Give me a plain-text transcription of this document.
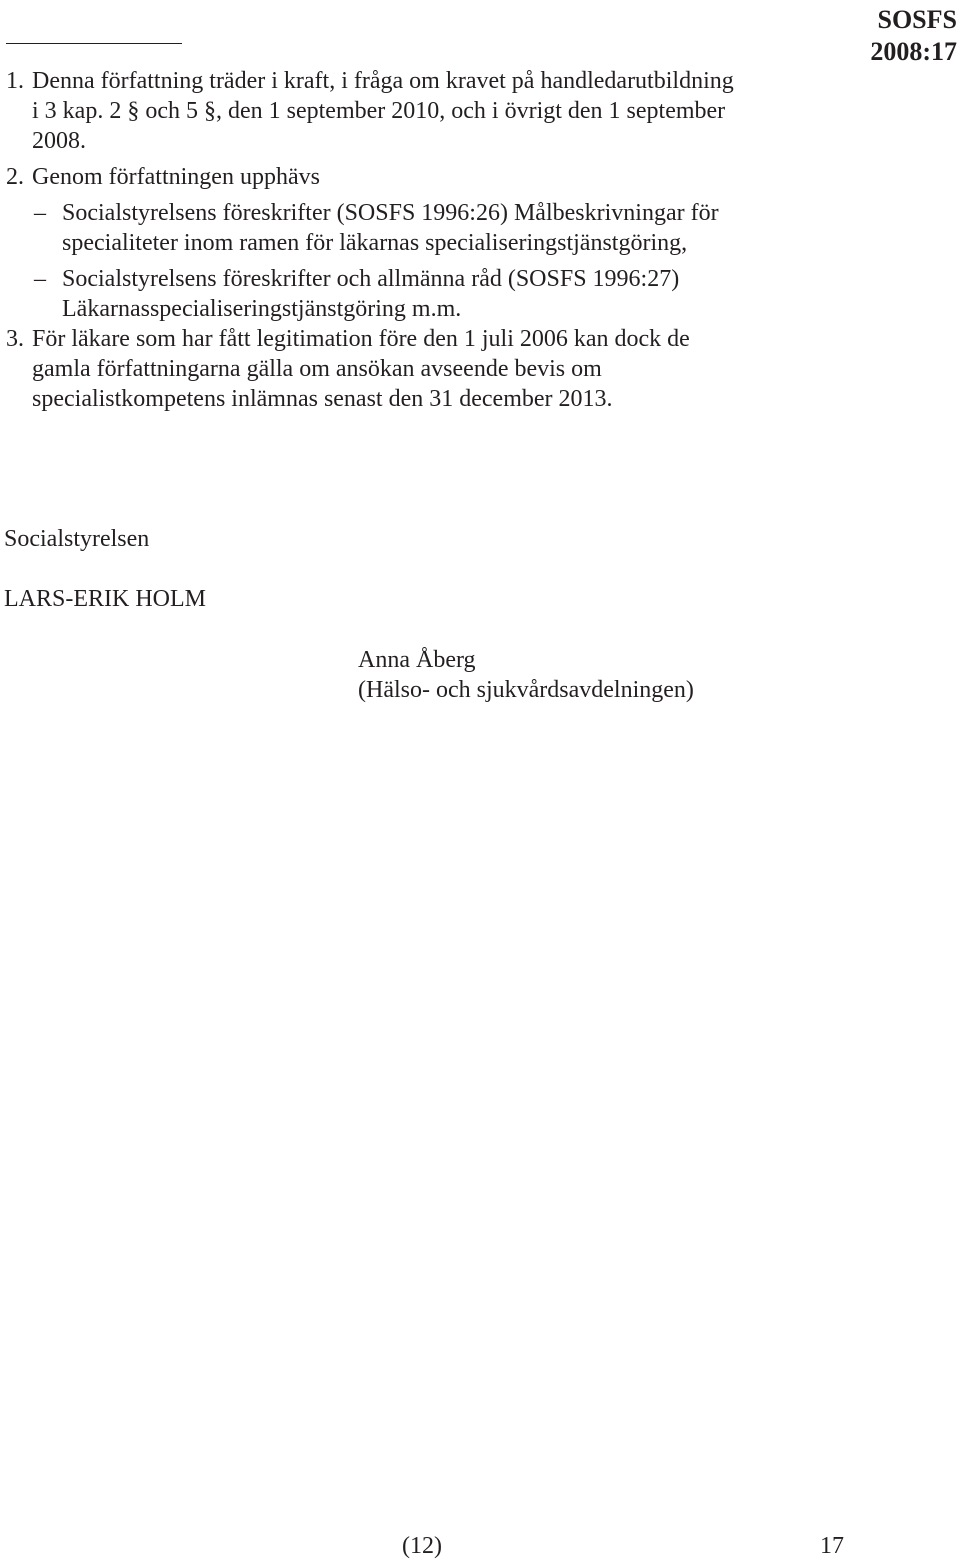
SOSFS
2008:17
1. Denna författning träder i kraft, i fråga om kravet på handledarutbildning i 3 kap. 2 § och 5 §, den 1 september 2010, och i övrigt den 1 september 2008.
2. Genom författningen upphävs
– Socialstyrelsens föreskrifter (SOSFS 1996:26) Målbeskrivningar för specialiteter inom ramen för läkarnas specialiseringstjänstgöring,
– Socialstyrelsens föreskrifter och allmänna råd (SOSFS 1996:27) Läkarnasspecialiseringstjänstgöring m.m.
3. För läkare som har fått legitimation före den 1 juli 2006 kan dock de gamla författningarna gälla om ansökan avseende bevis om specialistkompetens inlämnas senast den 31 december 2013.
Socialstyrelsen
LARS-ERIK HOLM
Anna Åberg
(Hälso- och sjukvårdsavdelningen)
(12)	17
